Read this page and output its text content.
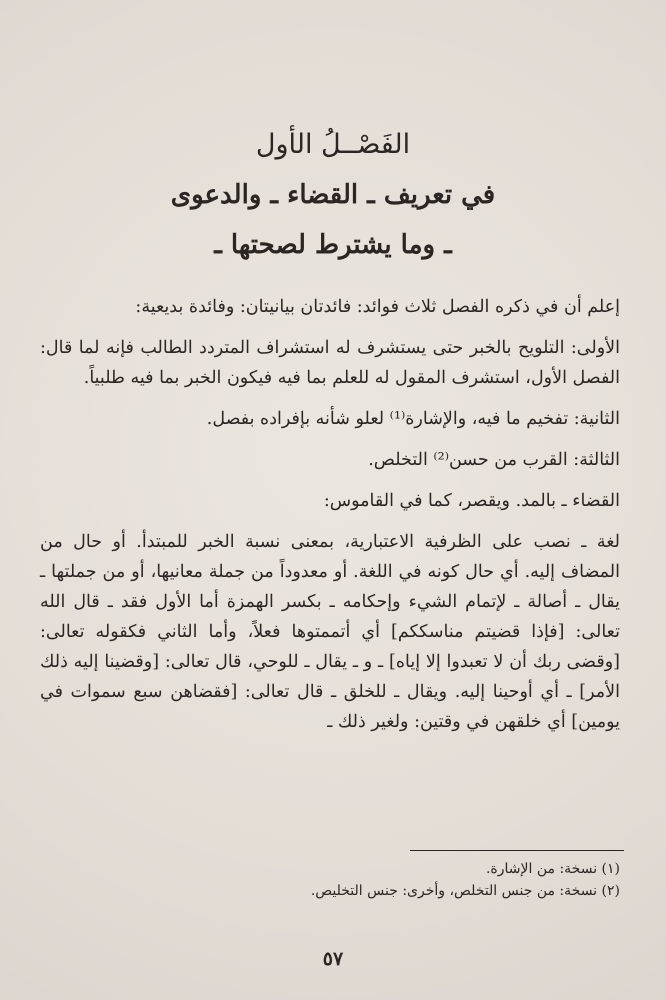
الفَصْــلُ الأول
في تعريف ـ القضاء ـ والدعوى
ـ وما يشترط لصحتها ـ

إعلم أن في ذكره الفصل ثلاث فوائد: فائدتان بيانيتان: وفائدة بديعية:

الأولى: التلويح بالخبر حتى يستشرف له استشراف المتردد الطالب فإنه لما قال: الفصل الأول، استشرف المقول له للعلم بما فيه فيكون الخبر بما فيه طلبياً.

الثانية: تفخيم ما فيه، والإشارة⁽¹⁾ لعلو شأنه بإفراده بفصل.

الثالثة: القرب من حسن⁽²⁾ التخلص.

القضاء ـ بالمد. ويقصر، كما في القاموس:

لغة ـ نصب على الظرفية الاعتبارية، بمعنى نسبة الخبر للمبتدأ. أو حال من المضاف إليه. أي حال كونه في اللغة. أو معدوداً من جملة معانيها، أو من جملتها ـ يقال ـ أصالة ـ لإتمام الشيء وإحكامه ـ بكسر الهمزة أما الأول فقد ـ قال الله تعالى: [فإذا قضيتم مناسككم] أي أتممتوها فعلاً، وأما الثاني فكقوله تعالى: [وقضى ربك أن لا تعبدوا إلا إياه] ـ و ـ يقال ـ للوحي، قال تعالى: [وقضينا إليه ذلك الأمر] ـ أي أوحينا إليه. ويقال ـ للخلق ـ قال تعالى: [فقضاهن سبع سموات في يومين] أي خلقهن في وقتين: ولغير ذلك ـ

(١) نسخة: من الإشارة.

(٢) نسخة: من جنس التخلص، وأخرى: جنس التخليص.

٥٧
